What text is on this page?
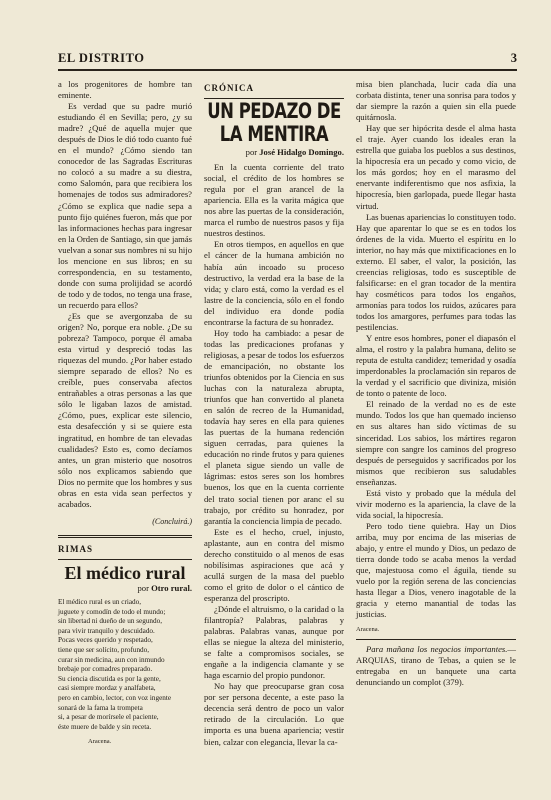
EL DISTRITO	3

a los progenitores de hombre tan eminente.

Es verdad que su padre murió estudiando él en Sevilla; pero, ¿y su madre? ¿Qué de aquella mujer que después de Dios le dió todo cuanto fué en el mundo? ¿Cómo siendo tan conocedor de las Sagradas Escrituras no colocó a su madre a su diestra, como Salomón, para que recibiera los homenajes de todos sus admiradores? ¿Cómo se explica que nadie sepa a punto fijo quiénes fueron, más que por las informaciones hechas para ingresar en la Orden de Santiago, sin que jamás vuelvan a sonar sus nombres ni su hijo los mencione en sus libros; en su correspondencia, en su testamento, donde con suma prolijidad se acordó de todo y de todos, no tenga una frase, un recuerdo para ellos?

¿Es que se avergonzaba de su origen? No, porque era noble. ¿De su pobreza? Tampoco, porque él amaba esta virtud y despreció todas las riquezas del mundo. ¿Por haber estado siempre separado de ellos? No es creíble, pues conservaba afectos entrañables a otras personas a las que sólo le ligaban lazos de amistad. ¿Cómo, pues, explicar este silencio, esta desafección y si se quiere esta ingratitud, en hombre de tan elevadas cualidades? Esto es, como decíamos antes, un gran misterio que nosotros sólo nos explicamos sabiendo que Dios no permite que los hombres y sus obras en esta vida sean perfectos y acabados.

(Concluirá.)
RIMAS
El médico rural
por Otro rural.
El médico rural es un criado,
juguete y comodín de todo el mundo;
sin libertad ni dueño de un segundo,
para vivir tranquilo y descuidado.
Pocas veces querido y respetado,
tiene que ser solícito, profundo,
curar sin medicina, aun con inmundo
brebaje por comadres preparado.
Su ciencia discutida es por la gente,
casi siempre mordaz y analfabeta,
pero en cambio, lector, con voz ingente
sonará de la fama la trompeta
si, a pesar de morírsele el paciente,
éste muere de balde y sin receta.
Aracena.
CRÓNICA
UN PEDAZO DE LA MENTIRA
por José Hidalgo Domingo.

En la cuenta corriente del trato social, el crédito de los hombres se regula por el gran arancel de la apariencia. Ella es la varita mágica que nos abre las puertas de la consideración, marca el rumbo de nuestros pasos y fija nuestros destinos.

En otros tiempos, en aquellos en que el cáncer de la humana ambición no había aún incoado su proceso destructivo, la verdad era la base de la vida; y claro está, como la verdad es el lastre de la conciencia, sólo en el fondo del individuo era donde podía encontrarse la factura de su honradez.

Hoy todo ha cambiado: a pesar de todas las predicaciones profanas y religiosas, a pesar de todos los esfuerzos de emancipación, no obstante los triunfos obtenidos por la Ciencia en sus luchas con la naturaleza abrupta, triunfos que han convertido al planeta en salón de recreo de la Humanidad, todavía hay seres en ella para quienes las puertas de la humana redención siguen cerradas, para quienes la educación no rinde frutos y para quienes el planeta sigue siendo un valle de lágrimas: estos seres son los hombres buenos, los que en la cuenta corriente del trato social tienen por aranc el su trabajo, por crédito su honradez, por garantía la conciencia limpia de pecado.

Este es el hecho, cruel, injusto, aplastante, aun en contra del mismo derecho constituido o al menos de esas nobilísimas aspiraciones que acá y acullá surgen de la masa del pueblo como el grito de dolor o el cántico de esperanza del proscripto.

¿Dónde el altruismo, o la caridad o la filantropía? Palabras, palabras y palabras. Palabras vanas, aunque por ellas se niegue la alteza del ministerio, se falte a compromisos sociales, se engañe a la indigencia clamante y se haga escarnio del propio pundonor.

No hay que preocuparse gran cosa por ser persona decente, a este paso la decencia será dentro de poco un valor retirado de la circulación. Lo que importa es una buena apariencia; vestir bien, calzar con elegancia, llevar la ca-

misa bien planchada, lucir cada día una corbata distinta, tener una sonrisa para todos y dar siempre la razón a quien sin ella puede quitárnosla.

Hay que ser hipócrita desde el alma hasta el traje. Ayer cuando los ideales eran la estrella que guiaba los pueblos a sus destinos, la hipocresía era un pecado y como vicio, de los más gordos; hoy en el marasmo del enervante indiferentismo que nos asfixia, la hipocresía, bien garlopada, puede llegar hasta virtud.

Las buenas apariencias lo constituyen todo. Hay que aparentar lo que se es en todos los órdenes de la vida. Muerto el espíritu en lo interior, no hay más que mixtificaciones en lo externo. El saber, el valor, la posición, las creencias religiosas, todo es susceptible de falsificarse: en el gran tocador de la mentira hay cosméticos para todos los engaños, armonías para todos los ruidos, azúcares para todos los amargores, perfumes para todas las pestilencias.

Y entre esos hombres, poner el diapasón el alma, el rostro y la palabra humana, delito se reputa de estulta candidez; temeridad y osadía imperdonables la proclamación sin reparos de la verdad y el sacrificio que diviniza, misión de tonto o patente de loco.

El reinado de la verdad no es de este mundo. Todos los que han quemado incienso en sus altares han sido víctimas de su sinceridad. Los sabios, los mártires regaron siempre con sangre los caminos del progreso después de perseguidos y sacrificados por los mismos que recibieron sus saludables enseñanzas.

Está visto y probado que la médula del vivir moderno es la apariencia, la clave de la vida social, la hipocresía.

Pero todo tiene quiebra. Hay un Dios arriba, muy por encima de las miserias de abajo, y entre el mundo y Dios, un pedazo de tierra donde todo se acaba menos la verdad que, majestuosa como el águila, tiende su vuelo por la región serena de las conciencias hasta llegar a Dios, venero inagotable de la gracia y eterno manantial de todas las justicias.

Aracena.

Para mañana los negocios importantes.—ARQUIAS, tirano de Tebas, a quien se le entregaba en un banquete una carta denunciando un complot (379).
